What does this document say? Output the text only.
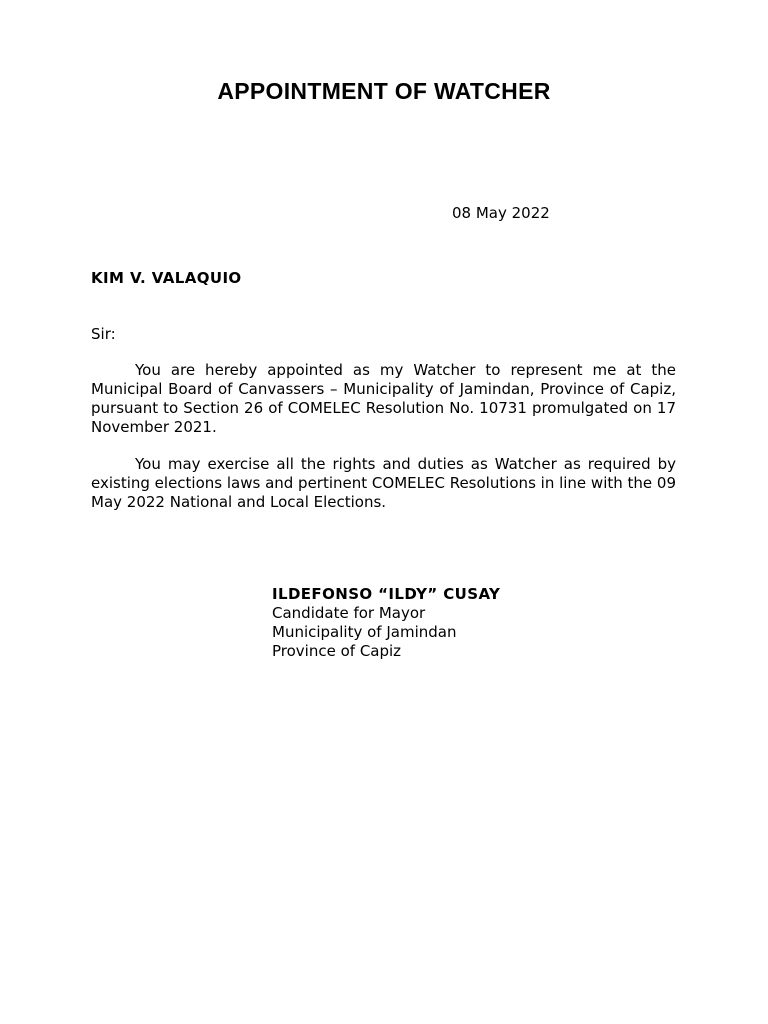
APPOINTMENT OF WATCHER
08 May 2022
KIM V. VALAQUIO
Sir:

You are hereby appointed as my Watcher to represent me at the Municipal Board of Canvassers – Municipality of Jamindan, Province of Capiz, pursuant to Section 26 of COMELEC Resolution No. 10731 promulgated on 17 November 2021.

You may exercise all the rights and duties as Watcher as required by existing elections laws and pertinent COMELEC Resolutions in line with the 09 May 2022 National and Local Elections.

ILDEFONSO “ILDY” CUSAY
Candidate for Mayor
Municipality of Jamindan
Province of Capiz
